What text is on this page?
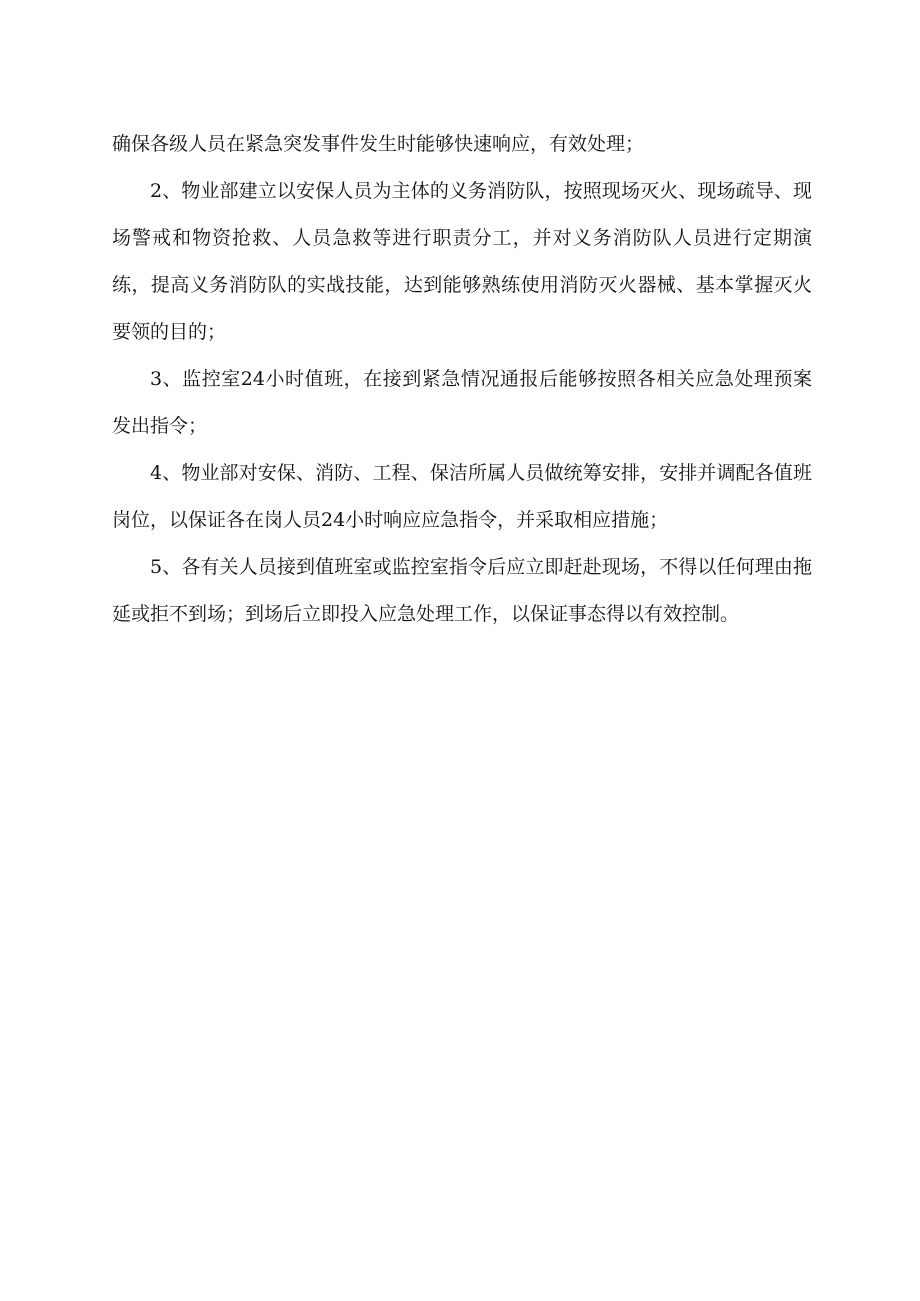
确保各级人员在紧急突发事件发生时能够快速响应，有效处理；

2、物业部建立以安保人员为主体的义务消防队，按照现场灭火、现场疏导、现场警戒和物资抢救、人员急救等进行职责分工，并对义务消防队人员进行定期演练，提高义务消防队的实战技能，达到能够熟练使用消防灭火器械、基本掌握灭火要领的目的；

3、监控室24小时值班，在接到紧急情况通报后能够按照各相关应急处理预案发出指令；

4、物业部对安保、消防、工程、保洁所属人员做统筹安排，安排并调配各值班岗位，以保证各在岗人员24小时响应应急指令，并采取相应措施；

5、各有关人员接到值班室或监控室指令后应立即赶赴现场，不得以任何理由拖延或拒不到场；到场后立即投入应急处理工作，以保证事态得以有效控制。
